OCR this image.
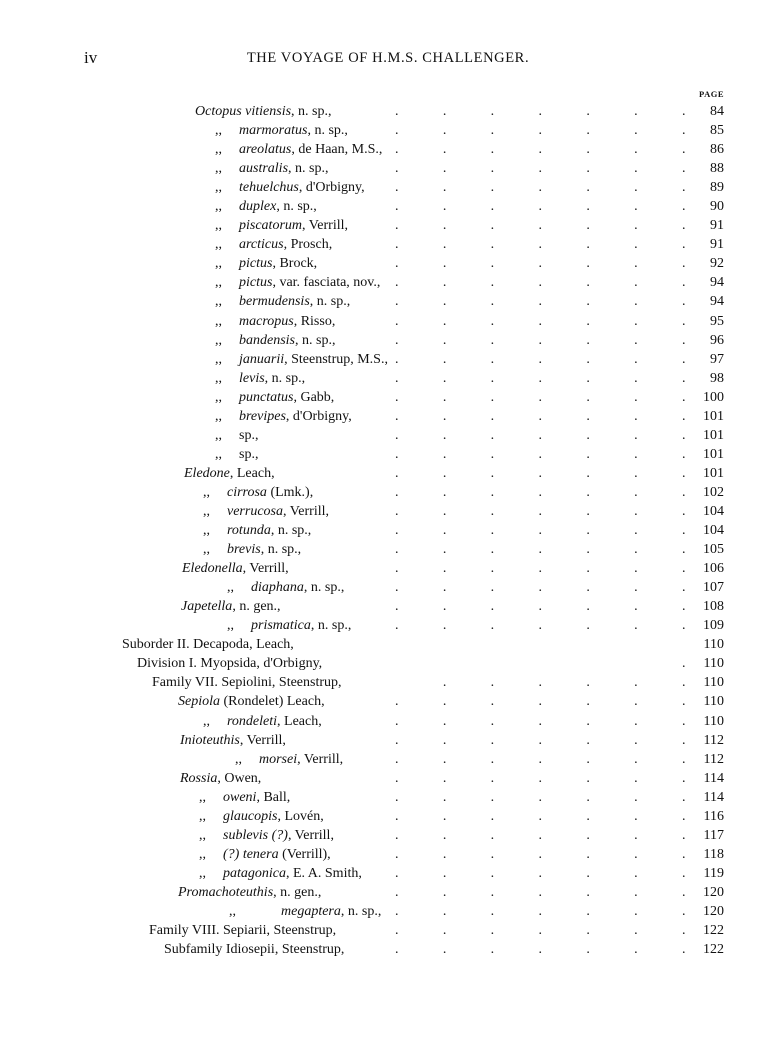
iv	THE VOYAGE OF H.M.S. CHALLENGER.
PAGE
Octopus vitiensis, n. sp.,	.	.	.	.	.	.	. 84
,, marmoratus, n. sp.,	.	.	.	.	.	.	. 85
,, areolatus, de Haan, M.S., .	.	.	.	.	.	. 86
,, australis, n. sp.,	.	.	.	.	.	.	. 88
,, tehuelchus, d'Orbigny, .	.	.	.	.	.	. 89
,, duplex, n. sp.,	.	.	.	.	.	.	. 90
,, piscatorum, Verrill,	.	.	.	.	.	.	. 91
,, arcticus, Prosch,	.	.	.	.	.	.	. 91
,, pictus, Brock,	.	.	.	.	.	.	. 92
,, pictus, var. fasciata, nov., .	.	.	.	.	.	. 94
,, bermudensis, n. sp.,	.	.	.	.	.	.	. 94
,, macropus, Risso,	.	.	.	.	.	.	. 95
,, bandensis, n. sp.,	.	.	.	.	.	.	. 96
,, januarii, Steenstrup, M.S., .	.	.	.	.	.	. 97
,, levis, n. sp.,	.	.	.	.	.	.	. 98
,, punctatus, Gabb,	.	.	.	.	.	.	. 100
,, brevipes, d'Orbigny,	.	.	.	.	.	.	. 101
,, sp.,	.	.	.	.	.	.	. 101
,, sp.,	.	.	.	.	.	.	. 101
Eledone, Leach,	.	.	.	.	.	.	. 101
,, cirrosa (Lmk.),	.	.	.	.	.	.	. 102
,, verrucosa, Verrill,	.	.	.	.	.	.	. 104
,, rotunda, n. sp.,	.	.	.	.	.	.	. 104
,, brevis, n. sp.,	.	.	.	.	.	.	. 105
Eledonella, Verrill,	.	.	.	.	.	.	. 106
,, diaphana, n. sp.,	.	.	.	.	.	.	. 107
Japetella, n. gen.,	.	.	.	.	.	.	. 108
,, prismatica, n. sp.,	.	.	.	.	.	.	. 109
Suborder II. Decapoda, Leach,	110
Division I. Myopsida, d'Orbigny,	. 110
Family VII. Sepiolini, Steenstrup,	.	.	.	.	.	. 110
Sepiola (Rondelet) Leach,	.	.	.	.	.	.	. 110
,, rondeleti, Leach,	.	.	.	.	.	.	. 110
Inioteuthis, Verrill,	.	.	.	.	.	.	. 112
,, morsei, Verrill,	.	.	.	.	.	.	. 112
Rossia, Owen,	.	.	.	.	.	.	. 114
,, oweni, Ball,	.	.	.	.	.	.	. 114
,, glaucopis, Lovén,	.	.	.	.	.	.	. 116
,, sublevis (?), Verrill,	.	.	.	.	.	.	. 117
,, (?) tenera (Verrill),	.	.	.	.	.	.	. 118
,, patagonica, E. A. Smith, .	.	.	.	.	.	. 119
Promachoteuthis, n. gen.,	.	.	.	.	.	.	. 120
,,	megaptera, n. sp., .	.	.	.	.	.	. 120
Family VIII. Sepiarii, Steenstrup,	.	.	.	.	.	.	. 122
Subfamily Idiosepii, Steenstrup,	.	.	.	.	.	.	. 122
